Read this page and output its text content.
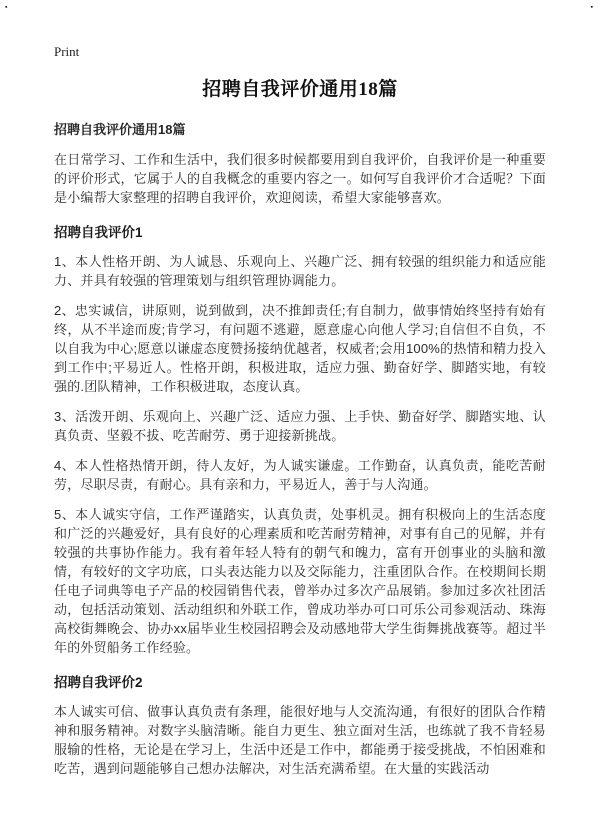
▪	▪
Print
招聘自我评价通用18篇

招聘自我评价通用18篇

在日常学习、工作和生活中，我们很多时候都要用到自我评价，自我评价是一种重要的评价形式，它属于人的自我概念的重要内容之一。如何写自我评价才合适呢？下面是小编帮大家整理的招聘自我评价，欢迎阅读，希望大家能够喜欢。

招聘自我评价1

1、本人性格开朗、为人诚恳、乐观向上、兴趣广泛、拥有较强的组织能力和适应能力、并具有较强的管理策划与组织管理协调能力。

2、忠实诚信，讲原则，说到做到，决不推卸责任;有自制力，做事情始终坚持有始有终，从不半途而废;肯学习，有问题不逃避，愿意虚心向他人学习;自信但不自负，不以自我为中心;愿意以谦虚态度赞扬接纳优越者，权威者;会用100%的热情和精力投入到工作中;平易近人。性格开朗，积极进取，适应力强、勤奋好学、脚踏实地，有较强的.团队精神，工作积极进取，态度认真。

3、活泼开朗、乐观向上、兴趣广泛、适应力强、上手快、勤奋好学、脚踏实地、认真负责、坚毅不拔、吃苦耐劳、勇于迎接新挑战。

4、本人性格热情开朗，待人友好，为人诚实谦虚。工作勤奋，认真负责，能吃苦耐劳，尽职尽责，有耐心。具有亲和力，平易近人，善于与人沟通。

5、本人诚实守信，工作严谨踏实，认真负责，处事机灵。拥有积极向上的生活态度和广泛的兴趣爱好，具有良好的心理素质和吃苦耐劳精神，对事有自己的见解，并有较强的共事协作能力。我有着年轻人特有的朝气和魄力，富有开创事业的头脑和激情，有较好的文字功底，口头表达能力以及交际能力，注重团队合作。在校期间长期任电子词典等电子产品的校园销售代表，曾举办过多次产品展销。参加过多次社团活动，包括活动策划、活动组织和外联工作，曾成功举办可口可乐公司参观活动、珠海高校街舞晚会、协办xx届毕业生校园招聘会及动感地带大学生街舞挑战赛等。超过半年的外贸船务工作经验。

招聘自我评价2

本人诚实可信、做事认真负责有条理，能很好地与人交流沟通，有很好的团队合作精神和服务精神。对数字头脑清晰。能自力更生、独立面对生活，也练就了我不肯轻易服输的性格，无论是在学习上，生活中还是工作中，都能勇于接受挑战，不怕困难和吃苦，遇到问题能够自己想办法解决，对生活充满希望。在大量的实践活动
